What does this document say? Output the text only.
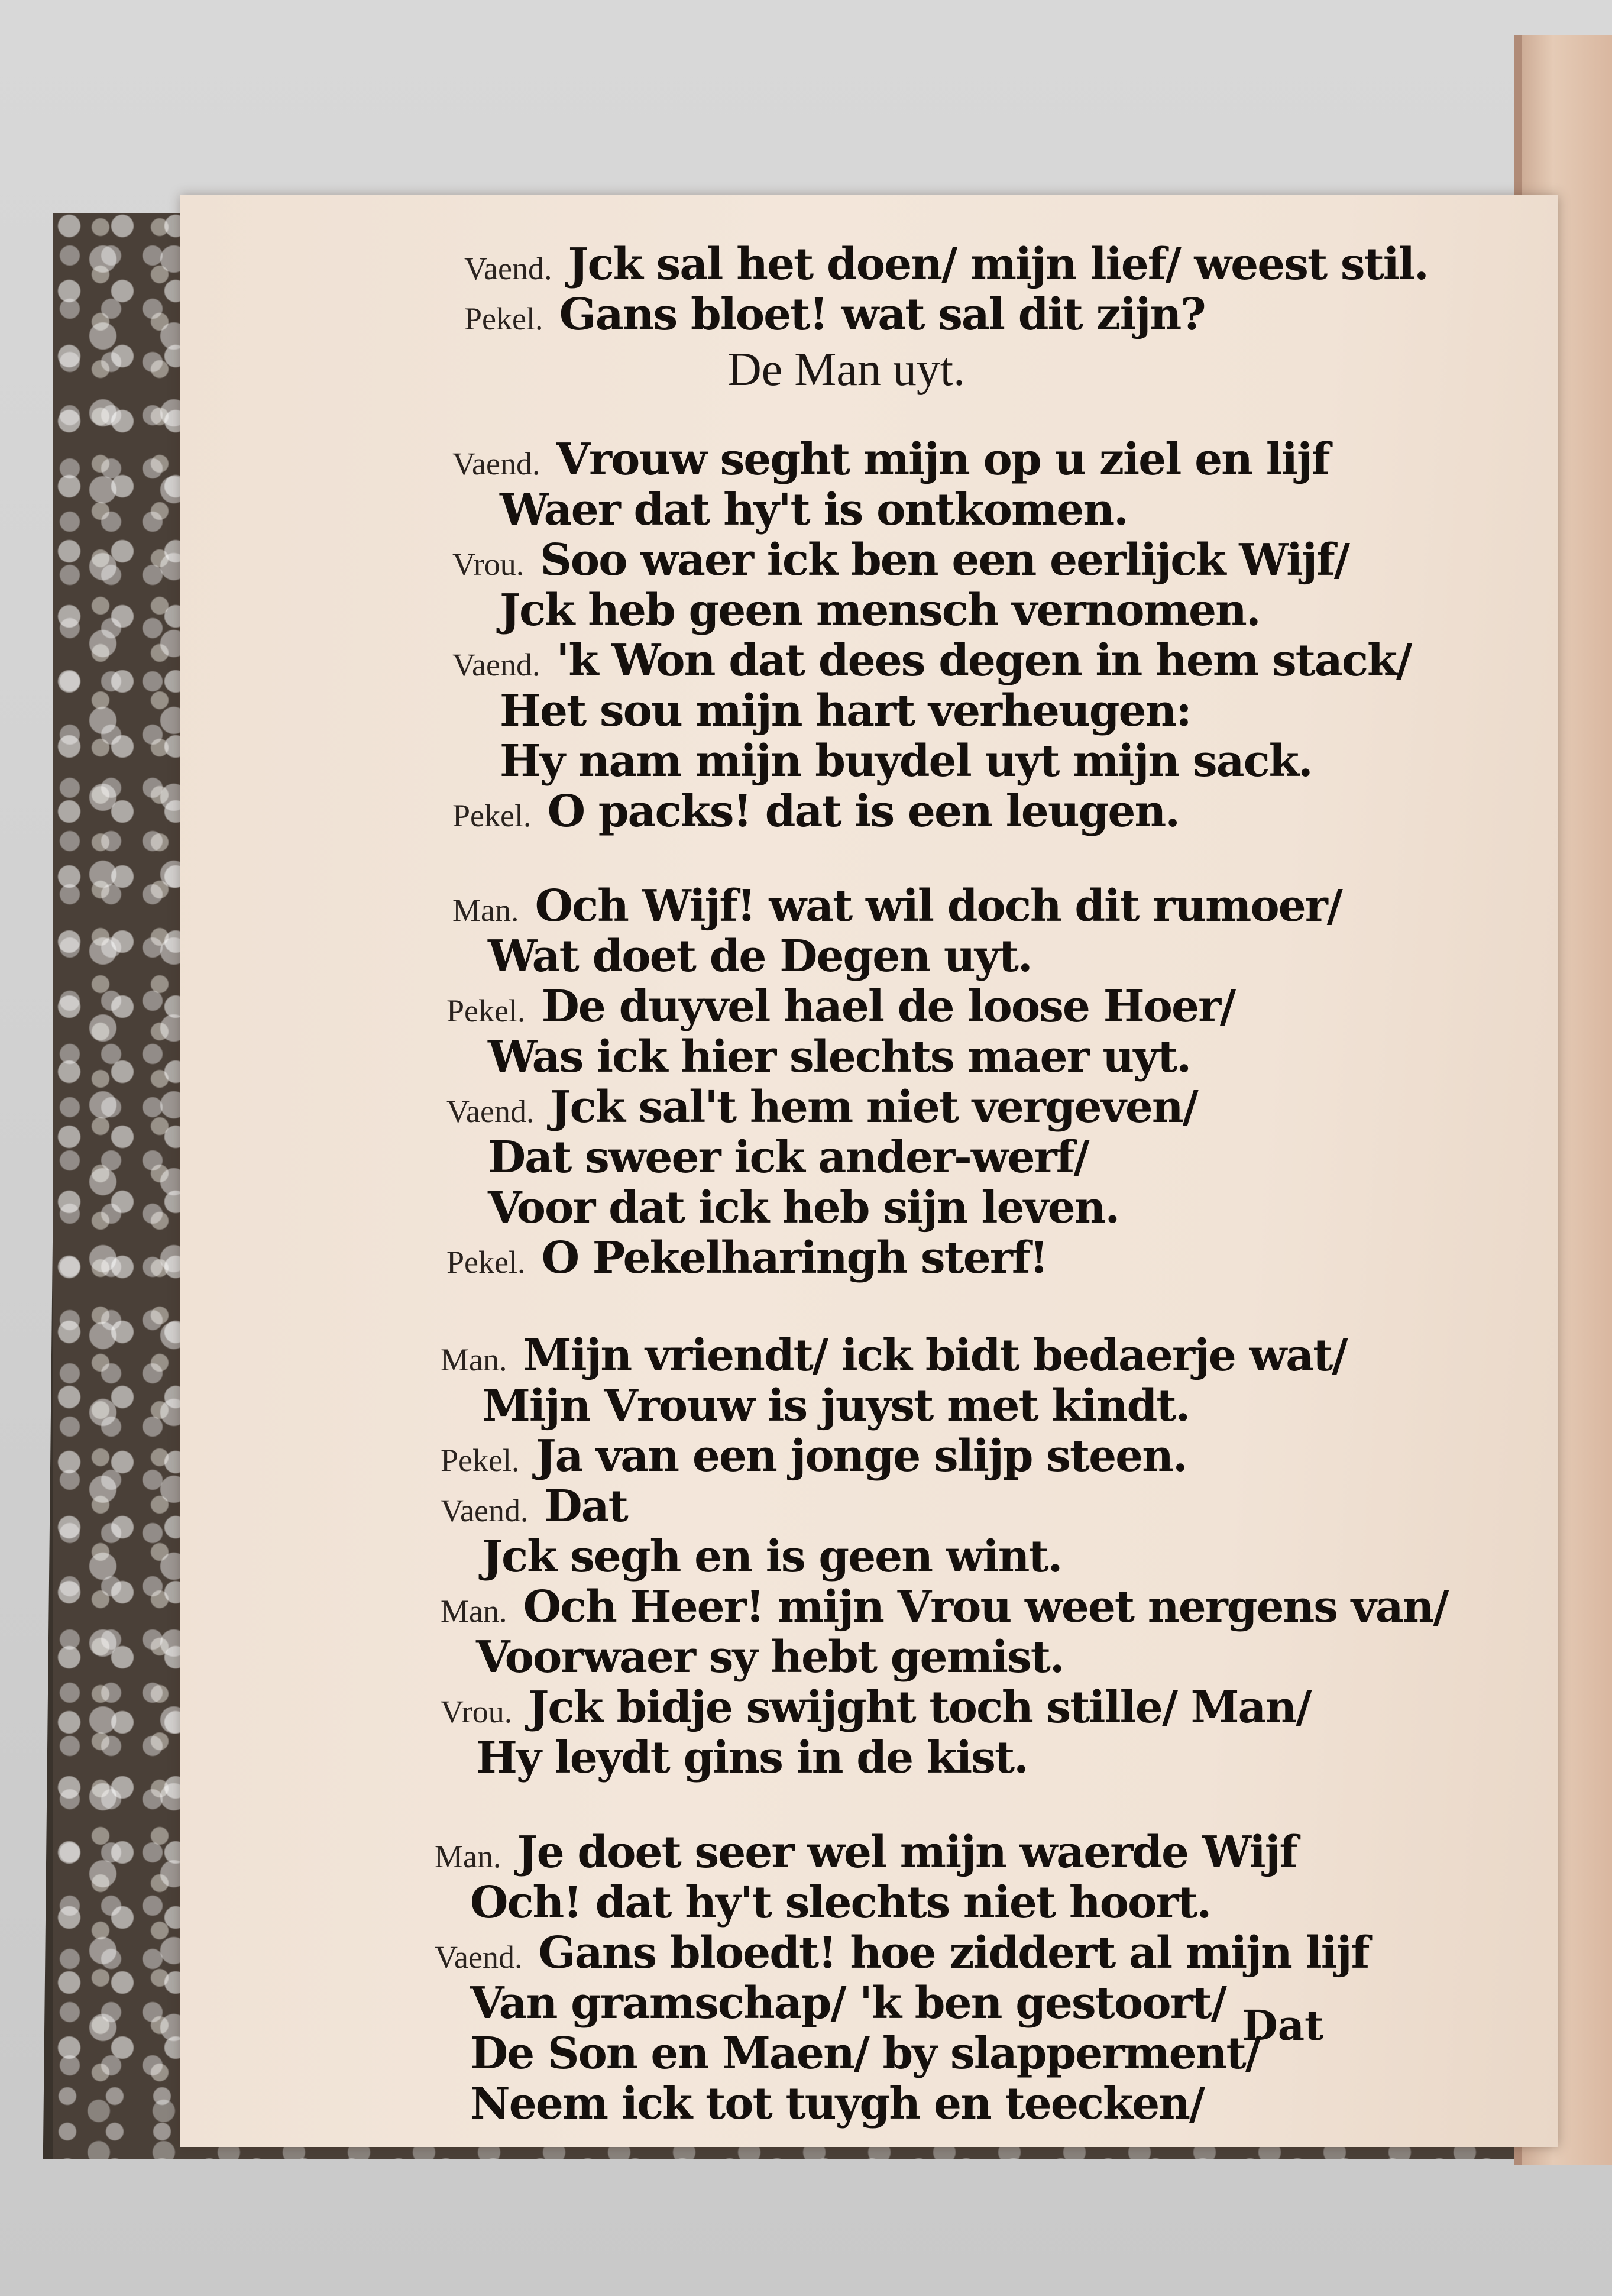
Vaend. Jck sal het doen/ mijn lief/ weest stil.
Pekel. Gans bloet! wat sal dit zijn?
De Man uyt.
Vaend. Vrouw seght mijn op u ziel en lijf
Waer dat hy't is ontkomen.
Vrou. Soo waer ick ben een eerlijck Wijf/
Jck heb geen mensch vernomen.
Vaend. 'k Won dat dees degen in hem stack/
Het sou mijn hart verheugen:
Hy nam mijn buydel uyt mijn sack.
Pekel. O packs! dat is een leugen.
Man. Och Wijf! wat wil doch dit rumoer/
Wat doet de Degen uyt.
Pekel. De duyvel hael de loose Hoer/
Was ick hier slechts maer uyt.
Vaend. Jck sal't hem niet vergeven/
Dat sweer ick ander-werf/
Voor dat ick heb sijn leven.
Pekel. O Pekelharingh sterf!
Man. Mijn vriendt/ ick bidt bedaerje wat/
Mijn Vrouw is juyst met kindt.
Pekel. Ja van een jonge slijp steen.
Vaend. Dat
Jck segh en is geen wint.
Man. Och Heer! mijn Vrou weet nergens van/
Voorwaer sy hebt gemist.
Vrou. Jck bidje swijght toch stille/ Man/
Hy leydt gins in de kist.
Man. Je doet seer wel mijn waerde Wijf
Och! dat hy't slechts niet hoort.
Vaend. Gans bloedt! hoe ziddert al mijn lijf
Van gramschap/ 'k ben gestoort/
De Son en Maen/ by slapperment/
Neem ick tot tuygh en teecken/
Dat
